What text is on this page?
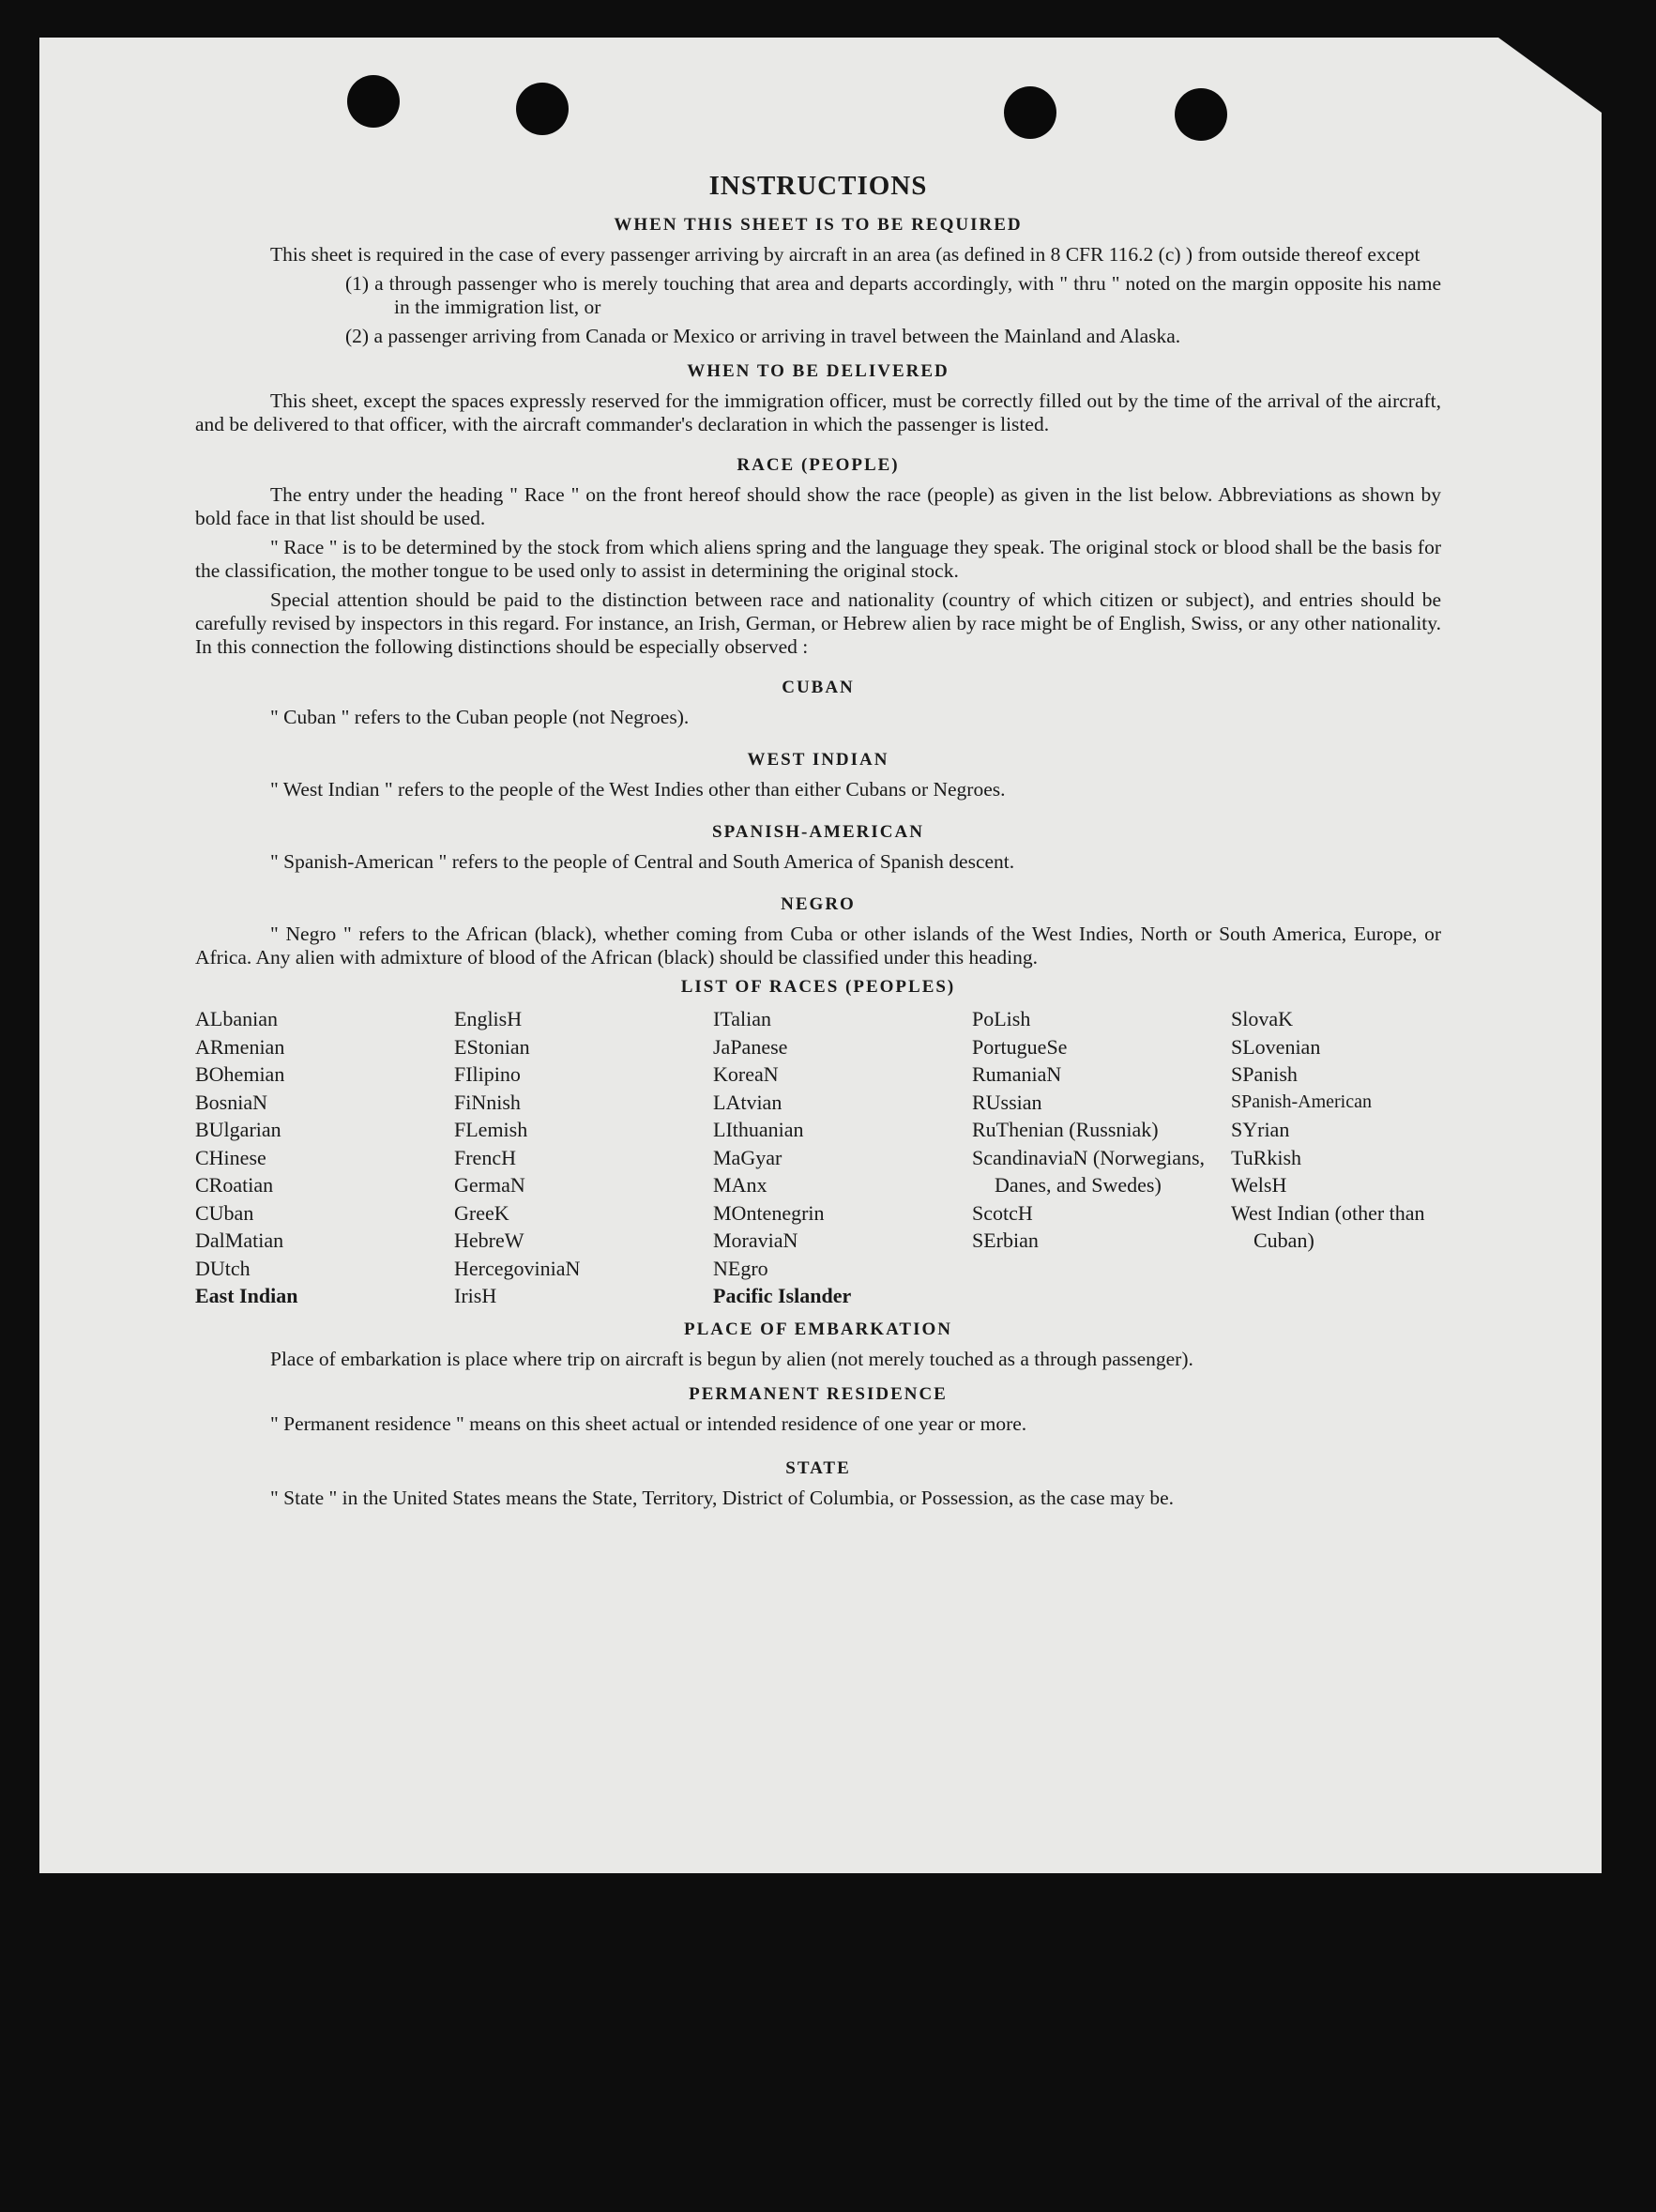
INSTRUCTIONS
WHEN THIS SHEET IS TO BE REQUIRED

This sheet is required in the case of every passenger arriving by aircraft in an area (as defined in 8 CFR 116.2 (c) ) from outside thereof except

(1) a through passenger who is merely touching that area and departs accordingly, with " thru " noted on the margin opposite his name in the immigration list, or
(2) a passenger arriving from Canada or Mexico or arriving in travel between the Mainland and Alaska.
WHEN TO BE DELIVERED

This sheet, except the spaces expressly reserved for the immigration officer, must be correctly filled out by the time of the arrival of the aircraft, and be delivered to that officer, with the aircraft commander's declaration in which the passenger is listed.

RACE (PEOPLE)

The entry under the heading " Race " on the front hereof should show the race (people) as given in the list below. Abbreviations as shown by bold face in that list should be used.

" Race " is to be determined by the stock from which aliens spring and the language they speak. The original stock or blood shall be the basis for the classification, the mother tongue to be used only to assist in determining the original stock.

Special attention should be paid to the distinction between race and nationality (country of which citizen or subject), and entries should be carefully revised by inspectors in this regard. For instance, an Irish, German, or Hebrew alien by race might be of English, Swiss, or any other nationality. In this connection the following distinctions should be especially observed :

CUBAN

" Cuban " refers to the Cuban people (not Negroes).

WEST INDIAN

" West Indian " refers to the people of the West Indies other than either Cubans or Negroes.

SPANISH-AMERICAN

" Spanish-American " refers to the people of Central and South America of Spanish descent.

NEGRO

" Negro " refers to the African (black), whether coming from Cuba or other islands of the West Indies, North or South America, Europe, or Africa. Any alien with admixture of blood of the African (black) should be classified under this heading.

LIST OF RACES (PEOPLES)
ALbanian
ARmenian
BOhemian
BosniaN
BUlgarian
CHinese
CRoatian
CUban
DalMatian
DUtch
East Indian
EnglisH
EStonian
FIlipino
FiNnish
FLemish
FrencH
GermaN
GreeK
HebreW
HercegoviniaN
IrisH
ITalian
JaPanese
KoreaN
LAtvian
LIthuanian
MaGyar
MAnx
MOntenegrin
MoraviaN
NEgro
Pacific Islander
PoLish
PortugueSe
RumaniaN
RUssian
RuThenian (Russniak)
ScandinaviaN (Norwegians, Danes, and Swedes)
ScotcH
SErbian
SlovaK
SLovenian
SPanish
SPanish-American
SYrian
TuRkish
WelsH
West Indian (other than Cuban)
PLACE OF EMBARKATION

Place of embarkation is place where trip on aircraft is begun by alien (not merely touched as a through passenger).

PERMANENT RESIDENCE

" Permanent residence " means on this sheet actual or intended residence of one year or more.

STATE

" State " in the United States means the State, Territory, District of Columbia, or Possession, as the case may be.
